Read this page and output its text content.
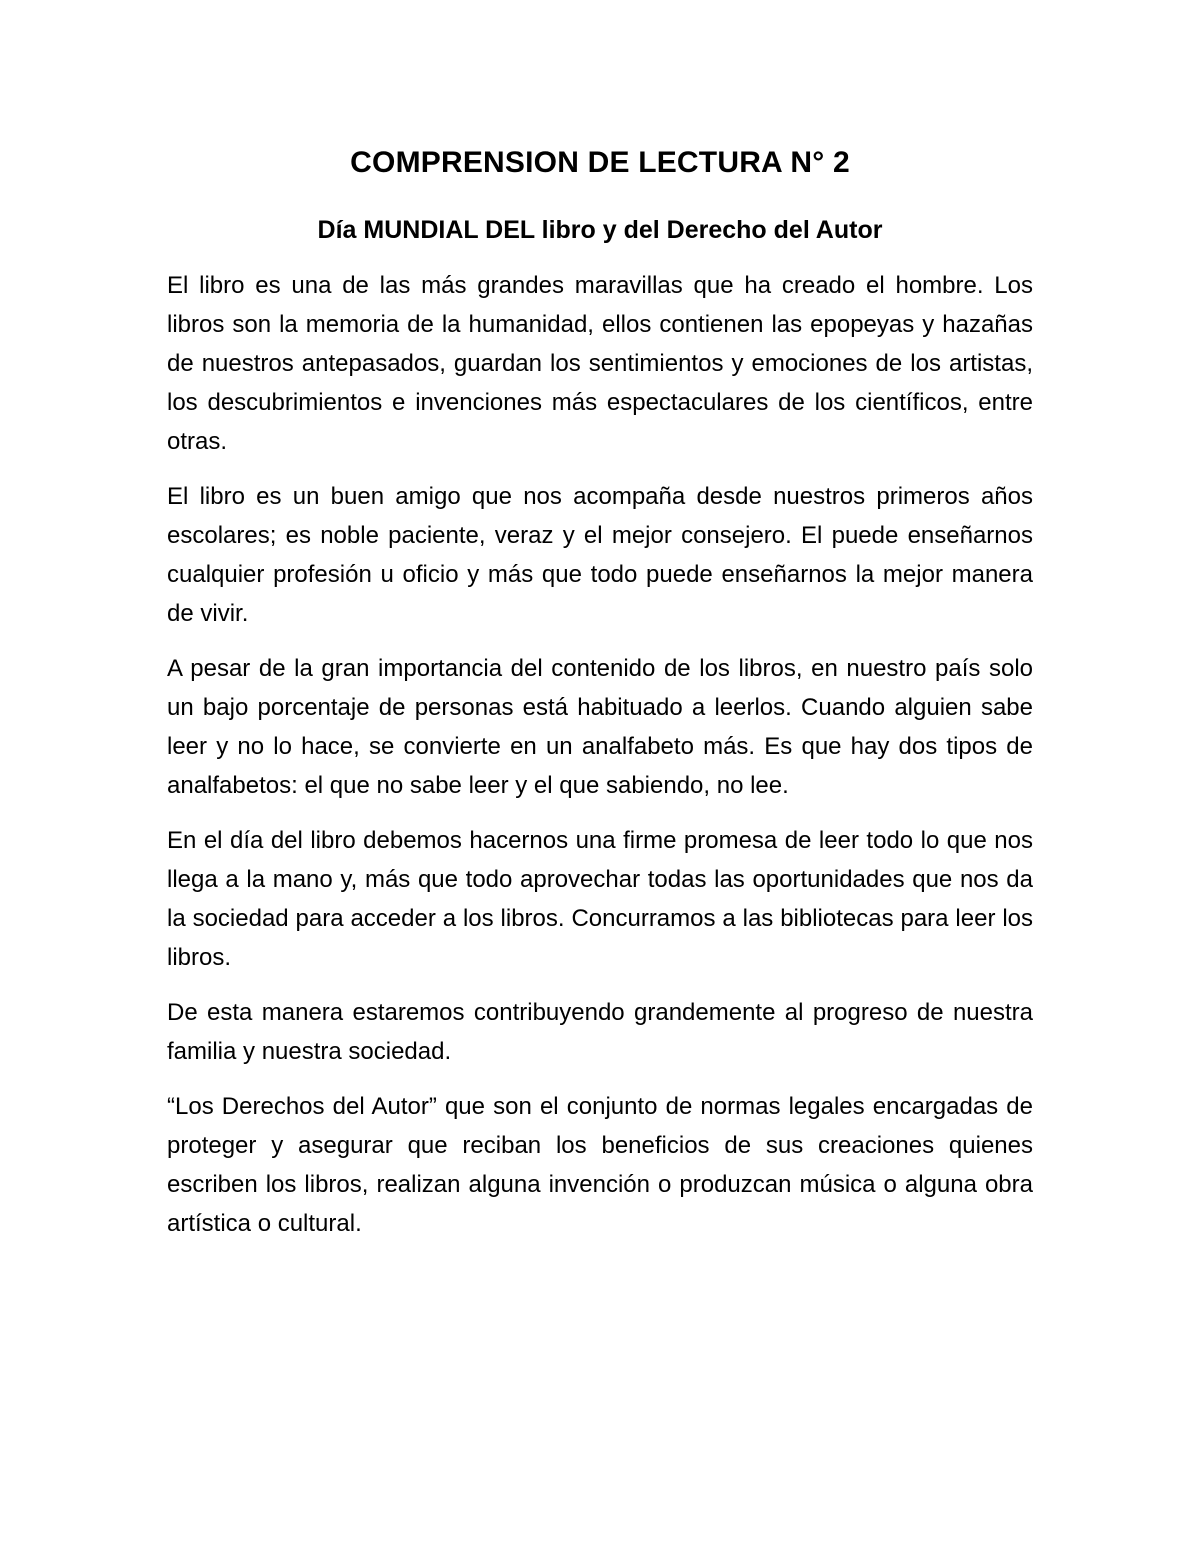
COMPRENSION DE LECTURA N° 2
Día MUNDIAL DEL libro y del Derecho del Autor

El libro es una de las más grandes maravillas que ha creado el hombre. Los libros son la memoria de la humanidad, ellos contienen las epopeyas y hazañas de nuestros antepasados, guardan los sentimientos y emociones de los artistas, los descubrimientos e invenciones más espectaculares de los científicos, entre otras.

El libro es un buen amigo que nos acompaña desde nuestros primeros años escolares; es noble paciente, veraz y el mejor consejero. El puede enseñarnos cualquier profesión u oficio y más que todo puede enseñarnos la mejor manera de vivir.

A pesar de la gran importancia del contenido de los libros, en nuestro país solo un bajo porcentaje de personas está habituado a leerlos. Cuando alguien sabe leer y no lo hace, se convierte en un analfabeto más. Es que hay dos tipos de analfabetos: el que no sabe leer y el que sabiendo, no lee.

En el día del libro debemos hacernos una firme promesa de leer todo lo que nos llega a la mano y, más que todo aprovechar todas las oportunidades que nos da la sociedad para acceder a los libros. Concurramos a las bibliotecas para leer los libros.

De esta manera estaremos contribuyendo grandemente al progreso de nuestra familia y nuestra sociedad.

“Los Derechos del Autor” que son el conjunto de normas legales encargadas de proteger y asegurar que reciban los beneficios de sus creaciones quienes escriben los libros, realizan alguna invención o produzcan música o alguna obra artística o cultural.
